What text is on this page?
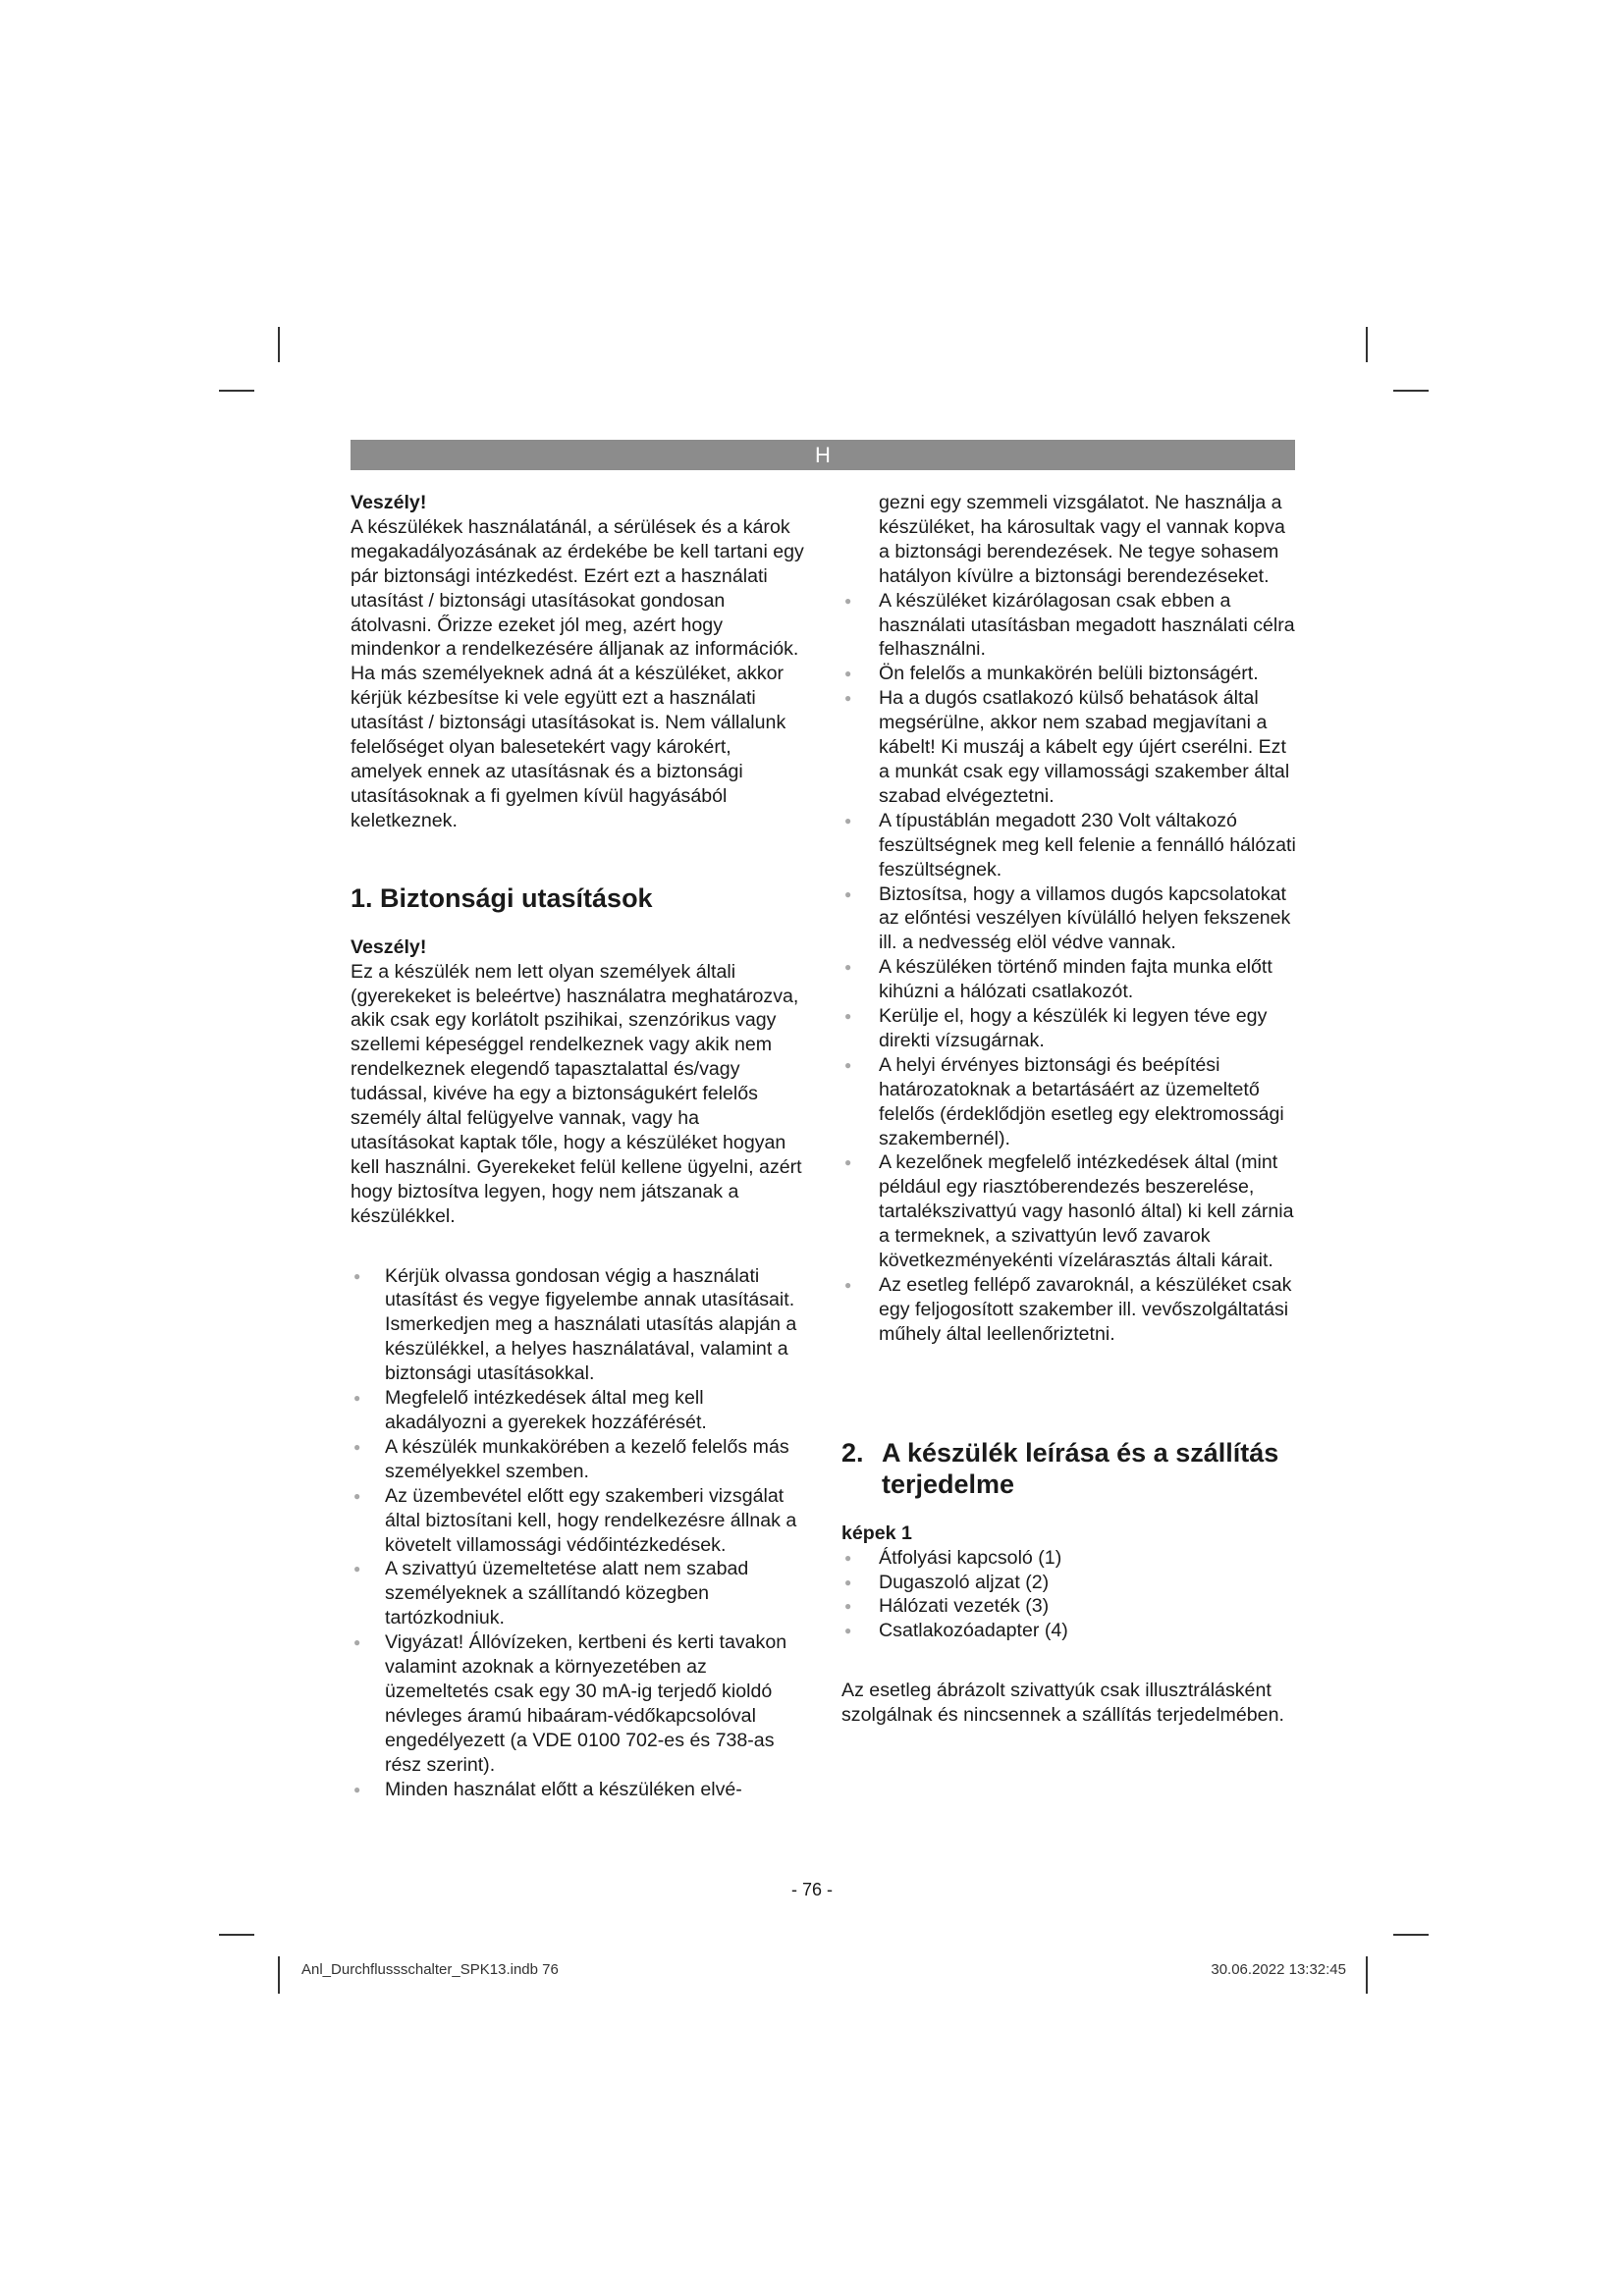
H

Veszély!

A készülékek használatánál, a sérülések és a károk megakadályozásának az érdekébe be kell tartani egy pár biztonsági intézkedést. Ezért ezt a használati utasítást / biztonsági utasításokat gondosan átolvasni. Őrizze ezeket jól meg, azért hogy mindenkor a rendelkezésére álljanak az információk. Ha más személyeknek adná át a készüléket, akkor kérjük kézbesítse ki vele együtt ezt a használati utasítást / biztonsági utasításokat is. Nem vállalunk felelőséget olyan balesetekért vagy károkért, amelyek ennek az utasításnak és a biztonsági utasításoknak a fi gyelmen kívül hagyásából keletkeznek.

1. Biztonsági utasítások

Veszély!

Ez a készülék nem lett olyan személyek általi (gyerekeket is beleértve) használatra meghatározva, akik csak egy korlátolt pszihikai, szenzórikus vagy szellemi képeséggel rendelkeznek vagy akik nem rendelkeznek elegendő tapasztalattal és/vagy tudással, kivéve ha egy a biztonságukért felelős személy által felügyelve vannak, vagy ha utasításokat kaptak tőle, hogy a készüléket hogyan kell használni. Gyerekeket felül kellene ügyelni, azért hogy biztosítva legyen, hogy nem játszanak a készülékkel.

● Kérjük olvassa gondosan végig a használati utasítást és vegye figyelembe annak utasításait. Ismerkedjen meg a használati utasítás alapján a készülékkel, a helyes használatával, valamint a biztonsági utasításokkal.

● Megfelelő intézkedések által meg kell akadályozni a gyerekek hozzáférését.

● A készülék munkakörében a kezelő felelős más személyekkel szemben.

● Az üzembevétel előtt egy szakemberi vizsgálat által biztosítani kell, hogy rendelkezésre állnak a követelt villamossági védőintézkedések.

● A szivattyú üzemeltetése alatt nem szabad személyeknek a szállítandó közegben tartózkodniuk.

● Vigyázat! Állóvízeken, kertbeni és kerti tavakon valamint azoknak a környezetében az üzemeltetés csak egy 30 mA-ig terjedő kioldó névleges áramú hibaáram-védőkapcsolóval engedélyezett (a VDE 0100 702-es és 738-as rész szerint).

● Minden használat előtt a készüléken elvé-

gezni egy szemmeli vizsgálatot. Ne használja a készüléket, ha károsultak vagy el vannak kopva a biztonsági berendezések. Ne tegye sohasem hatályon kívülre a biztonsági berendezéseket.

● A készüléket kizárólagosan csak ebben a használati utasításban megadott használati célra felhasználni.

● Ön felelős a munkakörén belüli biztonságért.

● Ha a dugós csatlakozó külső behatások által megsérülne, akkor nem szabad megjavítani a kábelt! Ki muszáj a kábelt egy újért cserélni. Ezt a munkát csak egy villamossági szakember által szabad elvégeztetni.

● A típustáblán megadott 230 Volt váltakozó feszültségnek meg kell felenie a fennálló hálózati feszültségnek.

● Biztosítsa, hogy a villamos dugós kapcsolatokat az előntési veszélyen kívülálló helyen fekszenek ill. a nedvesség elöl védve vannak.

● A készüléken történő minden fajta munka előtt kihúzni a hálózati csatlakozót.

● Kerülje el, hogy a készülék ki legyen téve egy direkti vízsugárnak.

● A helyi érvényes biztonsági és beépítési határozatoknak a betartásáért az üzemeltető felelős (érdeklődjön esetleg egy elektromossági szakembernél).

● A kezelőnek megfelelő intézkedések által (mint például egy riasztóberendezés beszerelése, tartalékszivattyú vagy hasonló által) ki kell zárnia a termeknek, a szivattyún levő zavarok következményekénti vízelárasztás általi kárait.

● Az esetleg fellépő zavaroknál, a készüléket csak egy feljogosított szakember ill. vevőszolgáltatási műhely által leellenőriztetni.

2. A készülék leírása és a szállítás terjedelme

képek 1

● Átfolyási kapcsoló (1)

● Dugaszoló aljzat (2)

● Hálózati vezeték (3)

● Csatlakozóadapter (4)

Az esetleg ábrázolt szivattyúk csak illusztrálásként szolgálnak és nincsennek a szállítás terjedelmében.

- 76 -
Anl_Durchflussschalter_SPK13.indb 76	30.06.2022 13:32:45
